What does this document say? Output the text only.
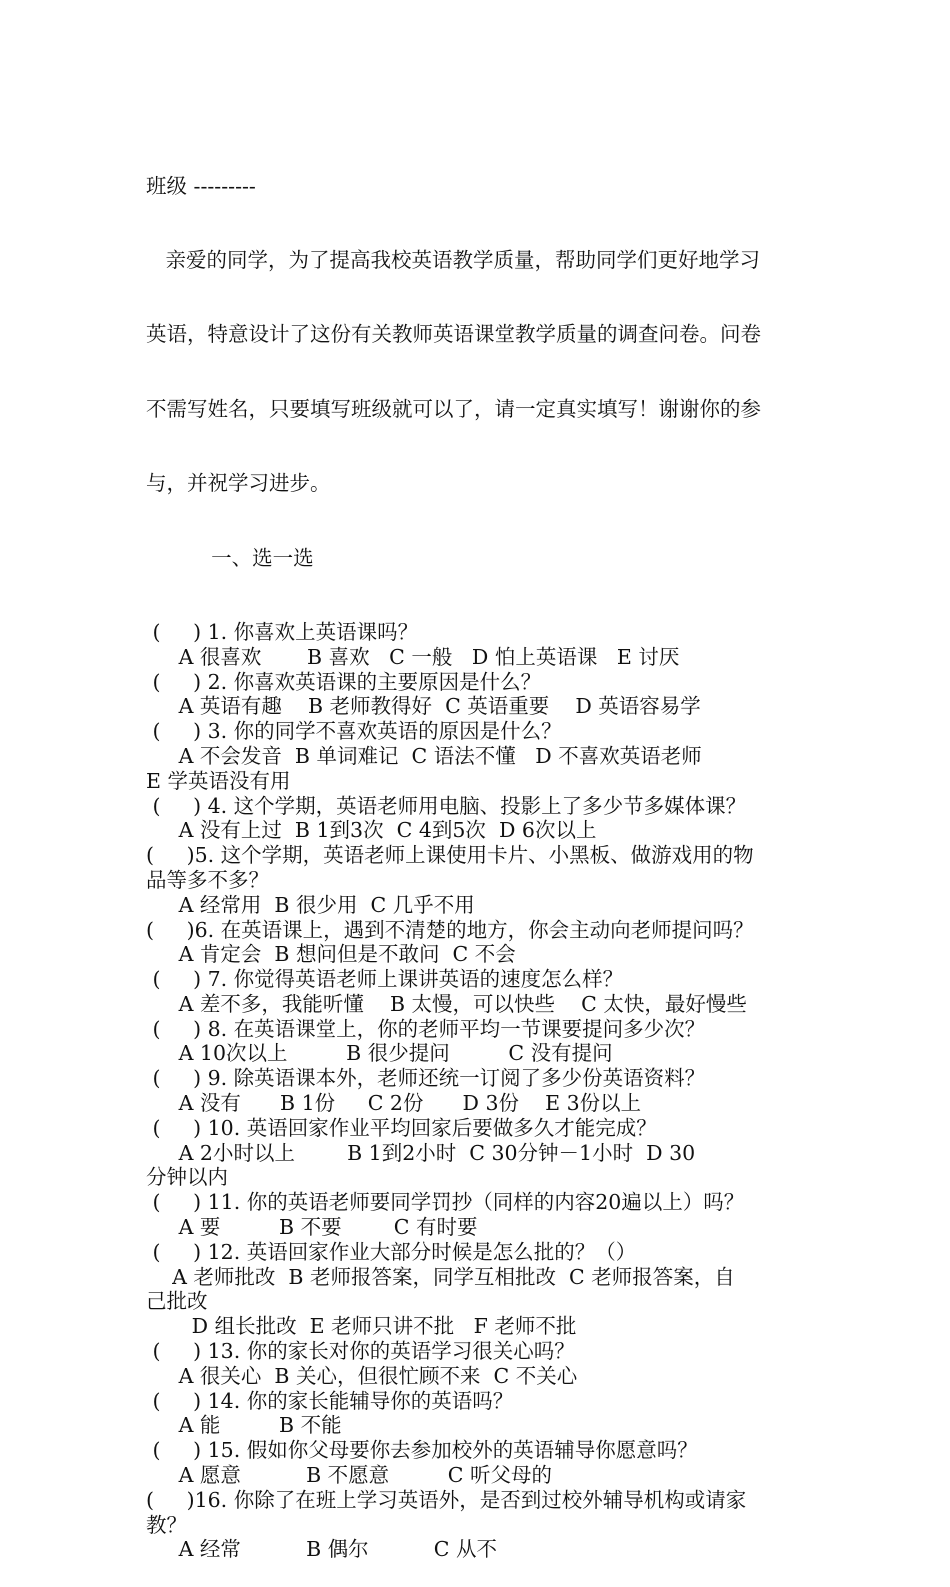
班级 ---------

亲爱的同学，为了提高我校英语教学质量，帮助同学们更好地学习

英语，特意设计了这份有关教师英语课堂教学质量的调查问卷。问卷

不需写姓名，只要填写班级就可以了，请一定真实填写！谢谢你的参

与，并祝学习进步。

一、选一选

(     ) 1. 你喜欢上英语课吗？
A 很喜欢       B 喜欢   C 一般   D 怕上英语课   E 讨厌
(     ) 2. 你喜欢英语课的主要原因是什么？
A 英语有趣    B 老师教得好  C 英语重要    D 英语容易学
(     ) 3. 你的同学不喜欢英语的原因是什么？
A 不会发音  B 单词难记  C 语法不懂   D 不喜欢英语老师
E 学英语没有用
(     ) 4. 这个学期，英语老师用电脑、投影上了多少节多媒体课？
A 没有上过  B 1到3次  C 4到5次  D 6次以上
(     )5. 这个学期，英语老师上课使用卡片、小黑板、做游戏用的物
品等多不多？
A 经常用  B 很少用  C 几乎不用
(     )6. 在英语课上，遇到不清楚的地方，你会主动向老师提问吗？
A 肯定会  B 想问但是不敢问  C 不会
(     ) 7. 你觉得英语老师上课讲英语的速度怎么样？
A 差不多，我能听懂    B 太慢，可以快些    C 太快，最好慢些
(     ) 8. 在英语课堂上，你的老师平均一节课要提问多少次？
A 10次以上         B 很少提问         C 没有提问
(     ) 9. 除英语课本外，老师还统一订阅了多少份英语资料？
A 没有      B 1份     C 2份      D 3份    E 3份以上
(     ) 10. 英语回家作业平均回家后要做多久才能完成？
A 2小时以上        B 1到2小时  C 30分钟－1小时  D 30
分钟以内
(     ) 11. 你的英语老师要同学罚抄（同样的内容20遍以上）吗？
A 要         B 不要        C 有时要
(     ) 12. 英语回家作业大部分时候是怎么批的？（）
A 老师批改  B 老师报答案，同学互相批改  C 老师报答案，自
己批改
D 组长批改  E 老师只讲不批   F 老师不批
(     ) 13. 你的家长对你的英语学习很关心吗？
A 很关心  B 关心，但很忙顾不来  C 不关心
(     ) 14. 你的家长能辅导你的英语吗？
A 能         B 不能
(     ) 15. 假如你父母要你去参加校外的英语辅导你愿意吗？
A 愿意          B 不愿意         C 听父母的
(     )16. 你除了在班上学习英语外，是否到过校外辅导机构或请家
教？
A 经常          B 偶尔          C 从不
